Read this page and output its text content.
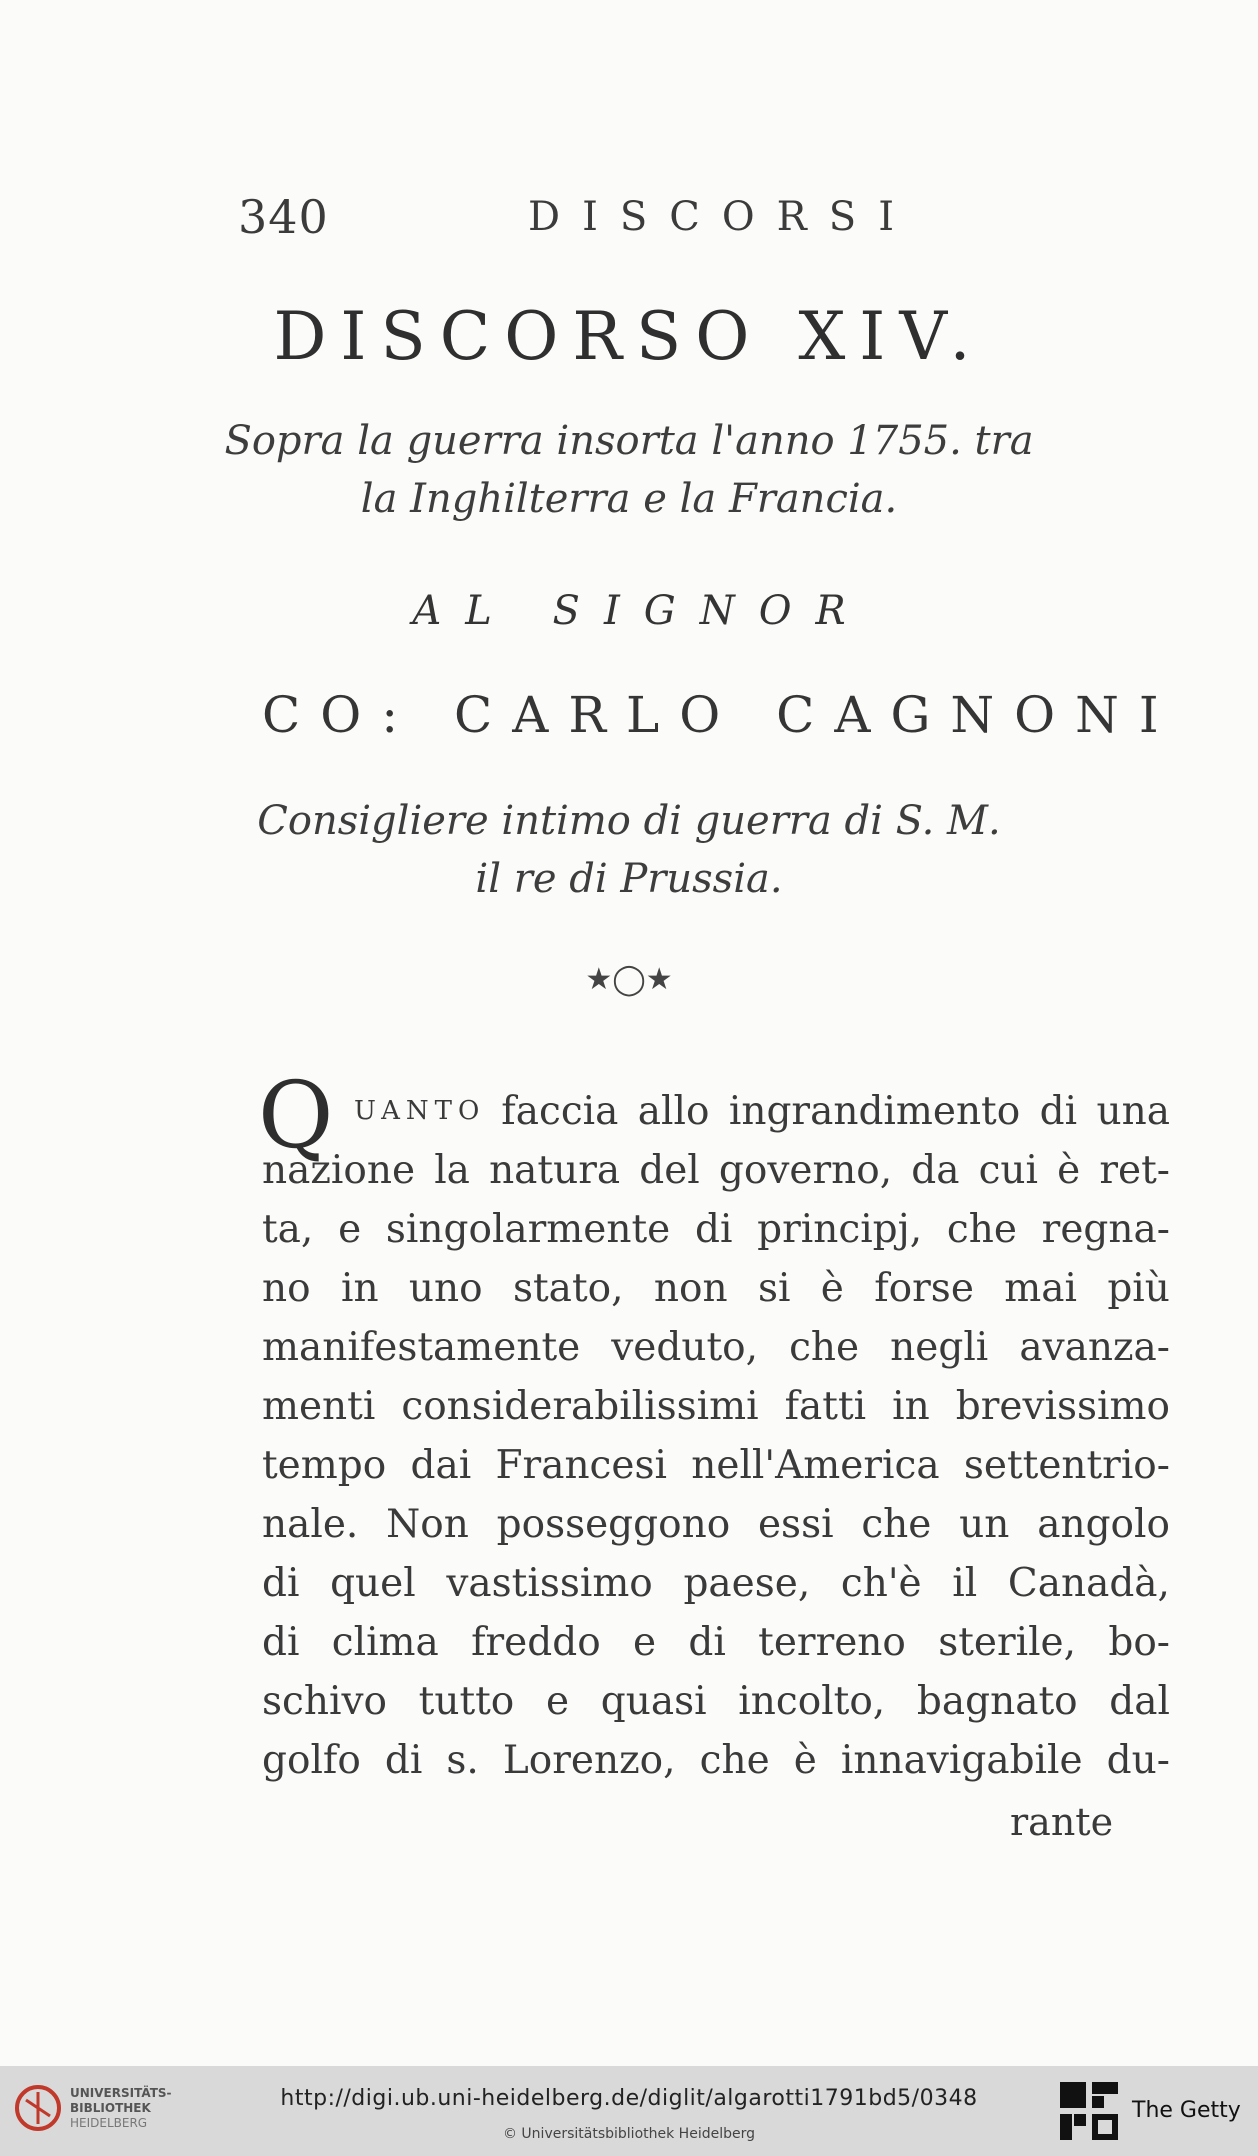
340	DISCORSI
DISCORSO XIV.
Sopra la guerra insorta l'anno 1755. tra
la Inghilterra e la Francia.
AL SIGNOR
CO: CARLO CAGNONI
Consigliere intimo di guerra di S. M.
il re di Prussia.
★◯★
Q UANTO faccia allo ingrandimento di una
nazione la natura del governo, da cui è ret-
ta, e singolarmente di principj, che regna-
no in uno stato, non si è forse mai più
manifestamente veduto, che negli avanza-
menti considerabilissimi fatti in brevissimo
tempo dai Francesi nell'America settentrio-
nale. Non posseggono essi che un angolo
di quel vastissimo paese, ch'è il Canadà,
di clima freddo e di terreno sterile, bo-
schivo tutto e quasi incolto, bagnato dal
golfo di s. Lorenzo, che è innavigabile du-
rante
UNIVERSITÄTS-
BIBLIOTHEK
HEIDELBERG
http://digi.ub.uni-heidelberg.de/diglit/algarotti1791bd5/0348
© Universitätsbibliothek Heidelberg
The Getty
